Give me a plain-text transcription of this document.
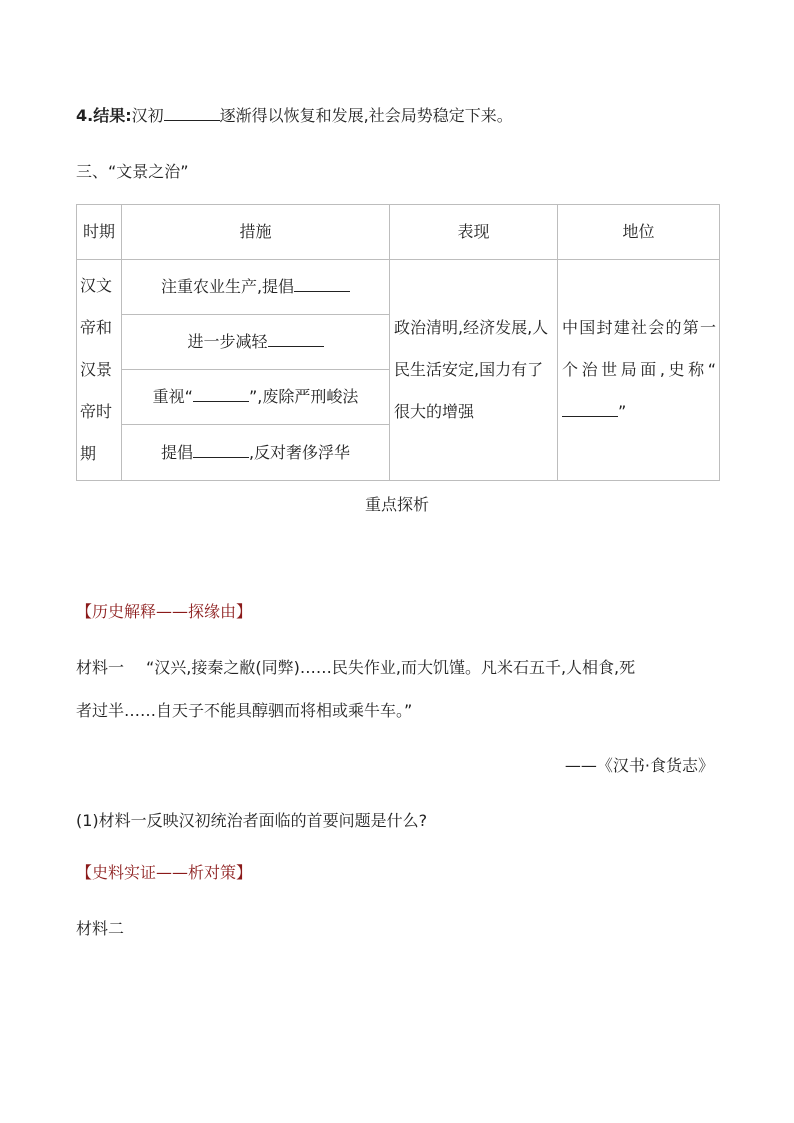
4.结果:汉初	逐渐得以恢复和发展,社会局势稳定下来。
三、“文景之治”
时期	措施	表现	地位

汉文帝和汉景帝时期	注重农业生产,提倡	政治清明,经济发展,人民生活安定,国力有了很大的增强	中国封建社会的第一个治世局面,史称“”

	进一步减轻		
	重视“ ”,废除严刑峻法		
	提倡 ,反对奢侈浮华		
重点探析
【历史解释——探缘由】
材料一 “汉兴,接秦之敝(同弊)……民失作业,而大饥馑。凡米石五千,人相食,死
者过半……自天子不能具醇驷而将相或乘牛车。”
——《汉书·食货志》
(1)材料一反映汉初统治者面临的首要问题是什么?
【史料实证——析对策】
材料二
